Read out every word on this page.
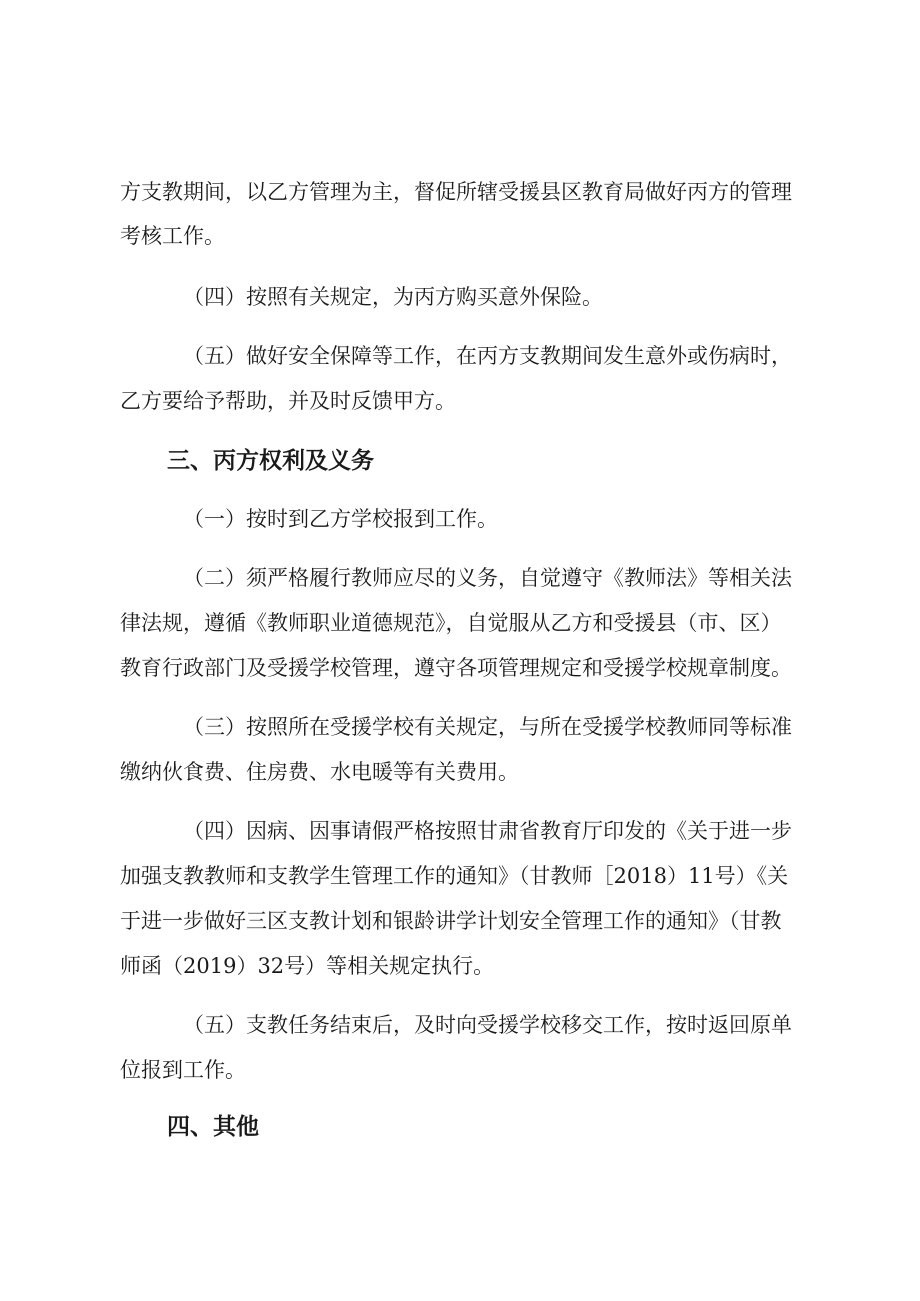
方支教期间，以乙方管理为主，督促所辖受援县区教育局做好丙方的管理
考核工作。
（四）按照有关规定，为丙方购买意外保险。
（五）做好安全保障等工作，在丙方支教期间发生意外或伤病时，
乙方要给予帮助，并及时反馈甲方。
三、丙方权利及义务
（一）按时到乙方学校报到工作。
（二）须严格履行教师应尽的义务，自觉遵守《教师法》等相关法
律法规，遵循《教师职业道德规范》，自觉服从乙方和受援县（市、区）
教育行政部门及受援学校管理，遵守各项管理规定和受援学校规章制度。
（三）按照所在受援学校有关规定，与所在受援学校教师同等标准
缴纳伙食费、住房费、水电暖等有关费用。
（四）因病、因事请假严格按照甘肃省教育厅印发的《关于进一步
加强支教教师和支教学生管理工作的通知》（甘教师［2018）11号）《关
于进一步做好三区支教计划和银龄讲学计划安全管理工作的通知》（甘教
师函（2019）32号）等相关规定执行。
（五）支教任务结束后，及时向受援学校移交工作，按时返回原单
位报到工作。
四、其他
